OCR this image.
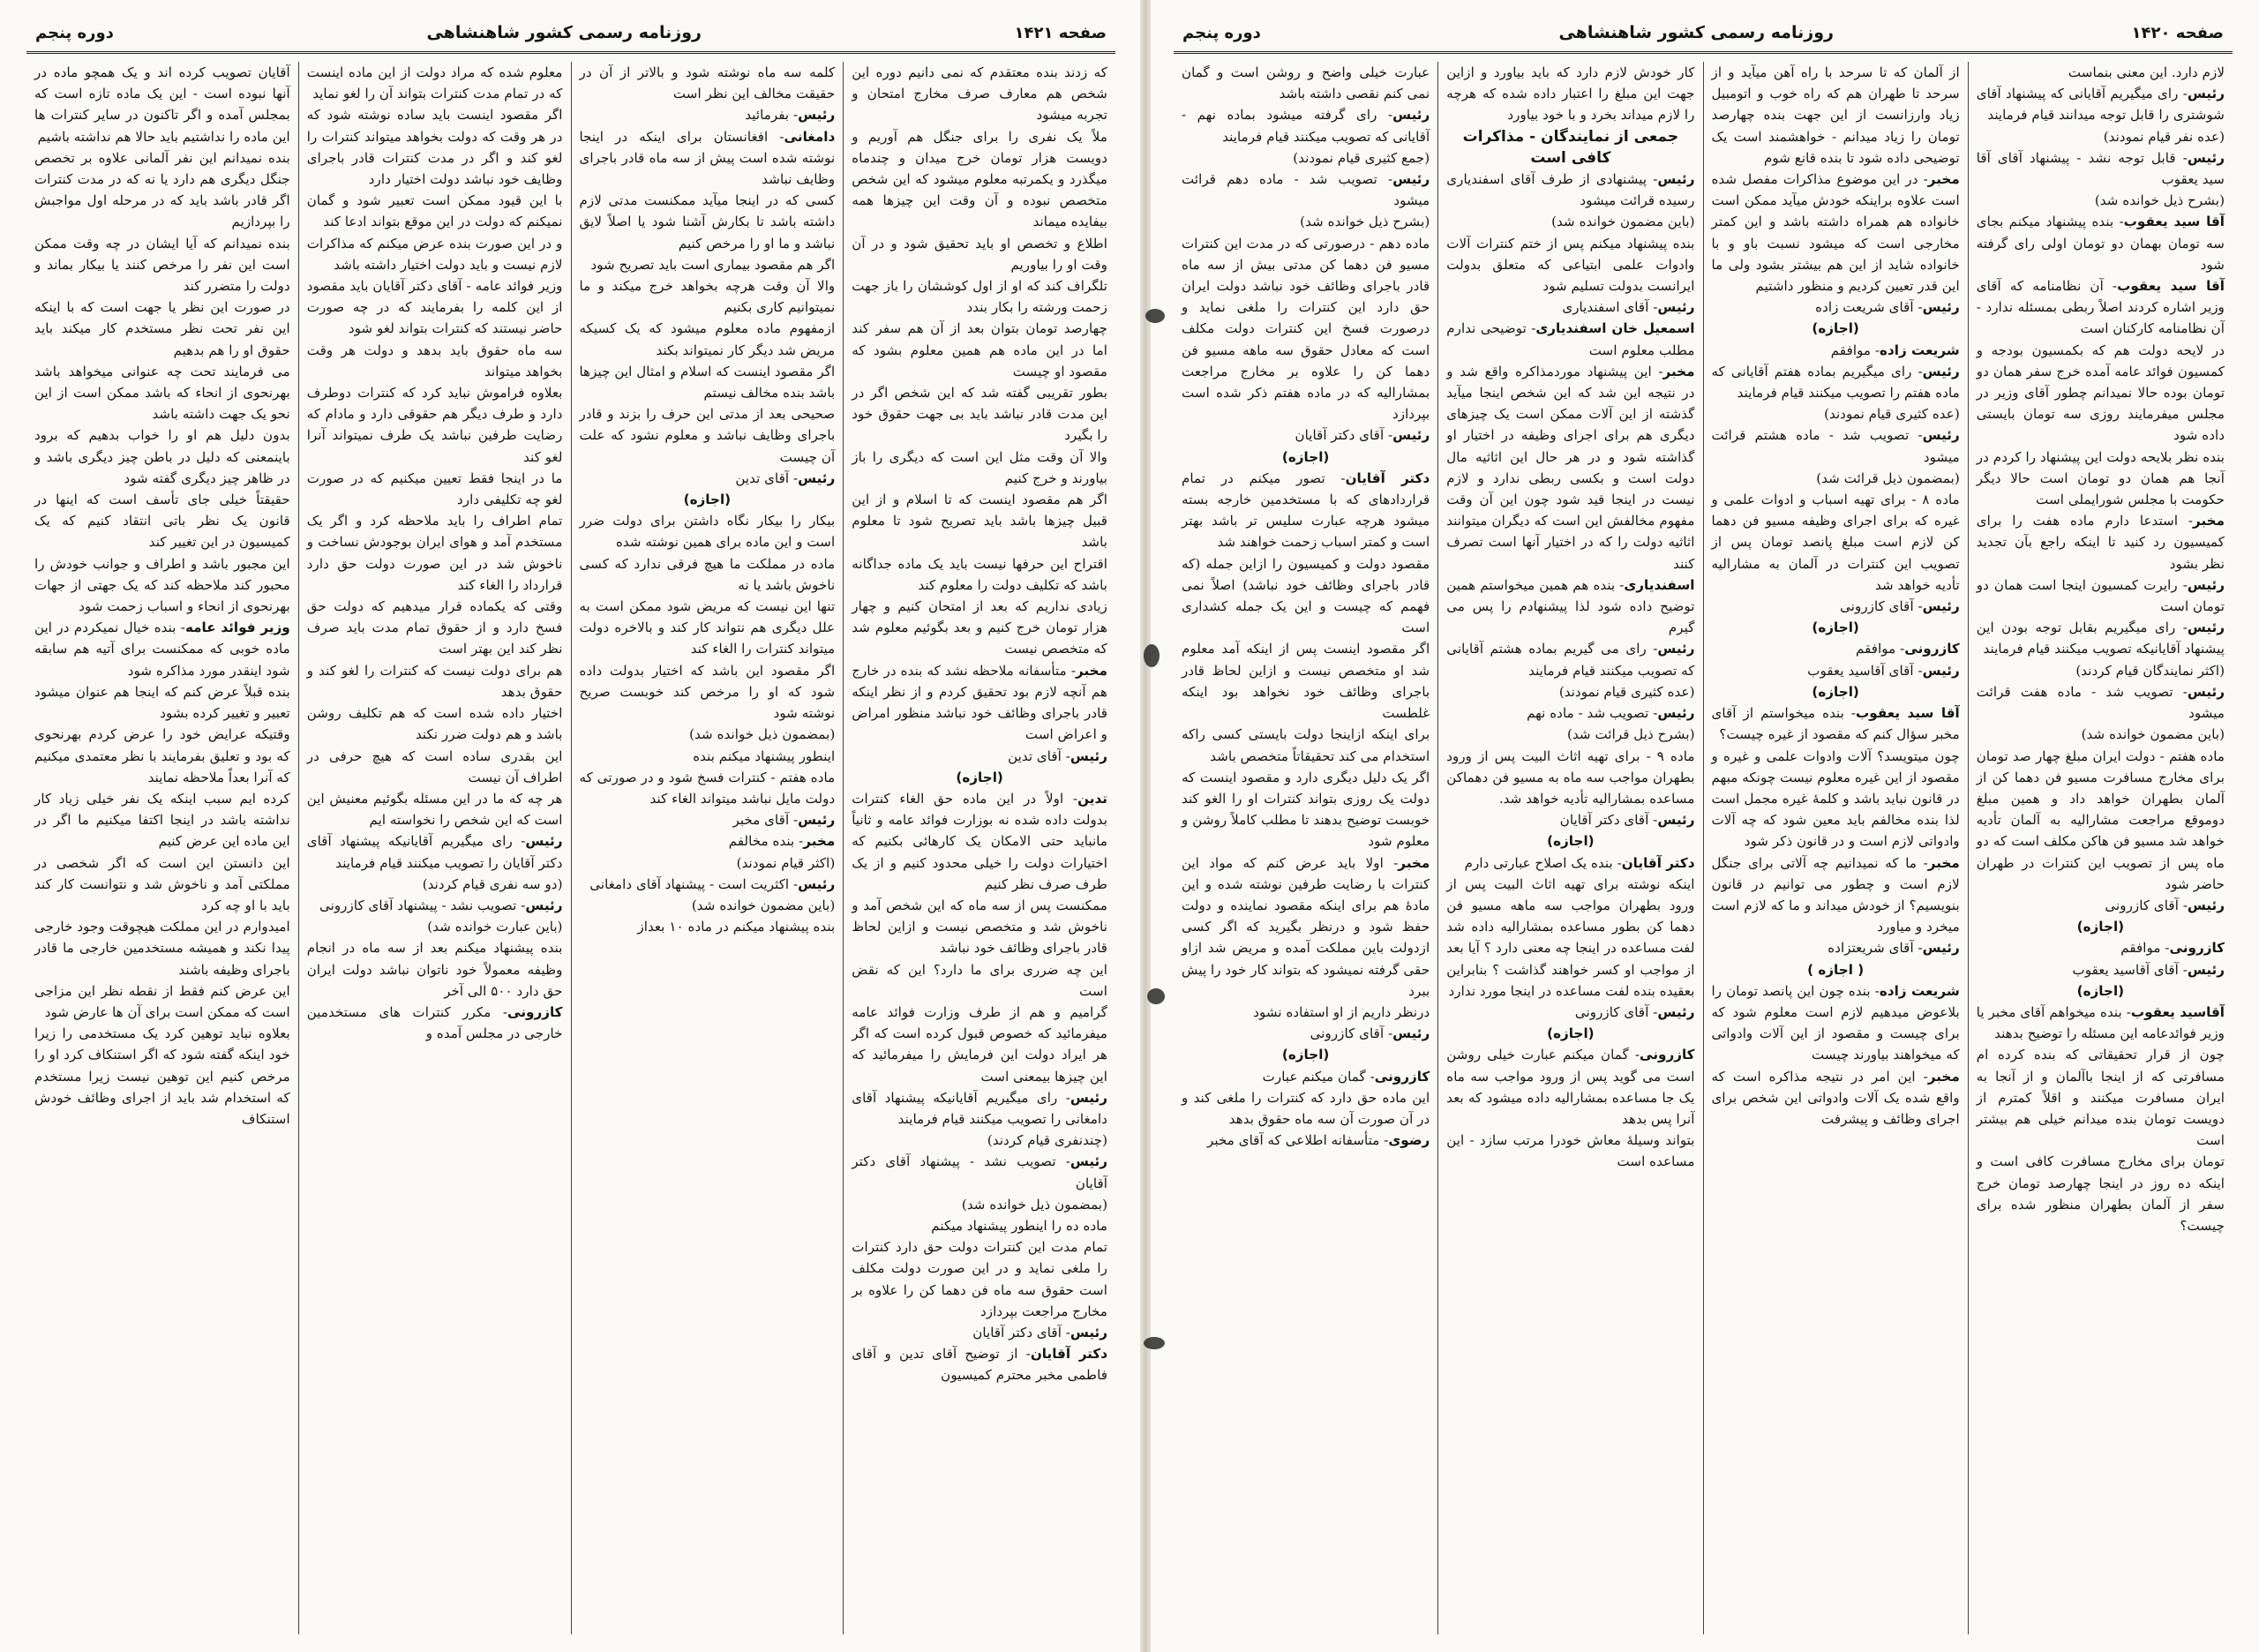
صفحه ۱۴۲۱
روزنامه رسمی کشور شاهنشاهی
دوره پنجم

که زدند بنده معتقدم که نمی دانیم دوره این شخص هم معارف صرف مخارج امتحان و تجربه میشود

ملاً یک نفری را برای جنگل هم آوریم و دویست هزار تومان خرج میدان و چندماه میگذرد و یکمرتبه معلوم میشود که این شخص متخصص نبوده و آن وقت این چیزها همه بیفایده میماند

اطلاع و تخصص او باید تحقیق شود و در آن وقت او را بیاوریم

تلگراف کند که او از اول کوششان را باز جهت زحمت ورشته را بکار بندد

چهارصد تومان بتوان بعد از آن هم سفر کند اما در این ماده هم همین معلوم بشود که مقصود او چیست

بطور تقریبی گفته شد که این شخص اگر در این مدت قادر نباشد باید بی جهت حقوق خود را بگیرد

والا آن وقت مثل این است که دیگری را باز بیاورند و خرج کنیم

اگر هم مقصود اینست که تا اسلام و از این قبیل چیزها باشد باید تصریح شود تا معلوم باشد

اقتراح این حرفها نیست باید یک ماده جداگانه باشد که تکلیف دولت را معلوم کند

زیادی نداریم که بعد از امتحان کنیم و چهار هزار تومان خرج کنیم و بعد بگوئیم معلوم شد که متخصص نیست

مخبر- متأسفانه ملاحظه نشد که بنده در خارج هم آنچه لازم بود تحقیق کردم و از نظر اینکه قادر باجرای وظائف خود نباشد منظور امراض و اعراض است

رئیس- آقای تدین

(اجازه)

تدین- اولاً در این ماده حق الغاء کنترات بدولت داده شده نه بوزارت فوائد عامه و ثانیاً مانباید حتی الامکان یک کارهائی بکنیم که اختیارات دولت را خیلی محدود کنیم و از یک طرف صرف نظر کنیم

ممکنست پس از سه ماه که این شخص آمد و ناخوش شد و متخصص نیست و ازاین لحاظ قادر باجرای وظائف خود نباشد

این چه ضرری برای ما دارد؟ این که نقض است

گرامیم و هم از طرف وزارت فوائد عامه میفرمائید که خصوص قبول کرده است که اگر هر ایراد دولت این فرمایش را میفرمائید که این چیزها بیمعنی است

رئیس- رای میگیریم آقایانیکه پیشنهاد آقای دامغانی را تصویب میکنند قیام فرمایند

(چندنفری قیام کردند)

رئیس- تصویب نشد - پیشنهاد آقای دکتر آقایان

(بمضمون ذیل خوانده شد)

ماده ده را اینطور پیشنهاد میکنم

تمام مدت این کنترات دولت حق دارد کنترات را ملغی نماید و در این صورت دولت مکلف است حقوق سه ماه فن دهما کن را علاوه بر مخارج مراجعت بپردازد

رئیس- آقای دکتر آقایان

دکتر آقایان- از توضیح آقای تدین و آقای فاطمی مخبر محترم کمیسیون

کلمه سه ماه نوشته شود و بالاتر از آن در حقیقت مخالف این نظر است

رئیس- بفرمائید

دامغانی- افغانستان برای اینکه در اینجا نوشته شده است پیش از سه ماه قادر باجرای وظایف نباشد

کسی که در اینجا میآید ممکنست مدتی لازم داشته باشد تا بکارش آشنا شود یا اصلاً لایق نباشد و ما او را مرخص کنیم

اگر هم مقصود بیماری است باید تصریح شود

والا آن وقت هرچه بخواهد خرج میکند و ما نمیتوانیم کاری بکنیم

ازمفهوم ماده معلوم میشود که یک کسیکه مریض شد دیگر کار نمیتواند بکند

اگر مقصود اینست که اسلام و امثال این چیزها باشد بنده مخالف نیستم

صحیحی بعد از مدتی این حرف را بزند و قادر باجرای وظایف نباشد و معلوم نشود که علت آن چیست

رئیس- آقای تدین

(اجازه)

بیکار را بیکار نگاه داشتن برای دولت ضرر است و این ماده برای همین نوشته شده

ماده در مملکت ما هیچ فرقی ندارد که کسی ناخوش باشد یا نه

تنها این نیست که مریض شود ممکن است به علل دیگری هم نتواند کار کند و بالاخره دولت میتواند کنترات را الغاء کند

اگر مقصود این باشد که اختیار بدولت داده شود که او را مرخص کند خوبست صریح نوشته شود

(بمضمون ذیل خوانده شد)

اینطور پیشنهاد میکنم بنده

ماده هفتم - کنترات فسخ شود و در صورتی که دولت مایل نباشد میتواند الغاء کند

رئیس- آقای مخبر

مخبر- بنده مخالفم

(اکثر قیام نمودند)

رئیس- اکثریت است - پیشنهاد آقای دامغانی

(باین مضمون خوانده شد)

بنده پیشنهاد میکنم در ماده ۱۰ بعداز

معلوم شده که مراد دولت از این ماده اینست که در تمام مدت کنترات بتواند آن را لغو نماید

اگر مقصود اینست باید ساده نوشته شود که در هر وقت که دولت بخواهد میتواند کنترات را لغو کند و اگر در مدت کنترات قادر باجرای وظایف خود نباشد دولت اختیار دارد

با این قیود ممکن است تعبیر شود و گمان نمیکنم که دولت در این موقع بتواند ادعا کند

و در این صورت بنده عرض میکنم که مذاکرات لازم نیست و باید دولت اختیار داشته باشد

وزیر فوائد عامه - آقای دکتر آقایان باید مقصود از این کلمه را بفرمایند که در چه صورت حاضر نیستند که کنترات بتواند لغو شود

سه ماه حقوق باید بدهد و دولت هر وقت بخواهد میتواند

بعلاوه فراموش نباید کرد که کنترات دوطرف دارد و طرف دیگر هم حقوقی دارد و مادام که رضایت طرفین نباشد یک طرف نمیتواند آنرا لغو کند

ما در اینجا فقط تعیین میکنیم که در صورت لغو چه تکلیفی دارد

تمام اطراف را باید ملاحظه کرد و اگر یک مستخدم آمد و هوای ایران بوجودش نساخت و ناخوش شد در این صورت دولت حق دارد قرارداد را الغاء کند

وقتی که یکماده قرار میدهیم که دولت حق فسخ دارد و از حقوق تمام مدت باید صرف نظر کند این بهتر است

هم برای دولت نیست که کنترات را لغو کند و حقوق بدهد

اختیار داده شده است که هم تکلیف روشن باشد و هم دولت ضرر نکند

این بقدری ساده است که هیچ حرفی در اطراف آن نیست

هر چه که ما در این مسئله بگوئیم معنیش این است که این شخص را نخواسته ایم

رئیس- رای میگیریم آقایانیکه پیشنهاد آقای دکتر آقایان را تصویب میکنند قیام فرمایند

(دو سه نفری قیام کردند)

رئیس- تصویب نشد - پیشنهاد آقای کازرونی

(باین عبارت خوانده شد)

بنده پیشنهاد میکنم بعد از سه ماه در انجام وظیفه معمولاً خود ناتوان نباشد دولت ایران حق دارد ۵۰۰ الی آخر

کازرونی- مکرر کنترات های مستخدمین خارجی در مجلس آمده و

آقایان تصویب کرده اند و یک همچو ماده در آنها نبوده است - این یک ماده تازه است که بمجلس آمده و اگر تاکنون در سایر کنترات ها این ماده را نداشتیم باید حالا هم نداشته باشیم

بنده نمیدانم این نفر آلمانی علاوه بر تخصص جنگل دیگری هم دارد یا نه که در مدت کنترات اگر قادر باشد باید که در مرحله اول مواجبش را بپردازیم

بنده نمیدانم که آیا ایشان در چه وقت ممکن است این نفر را مرخص کنند یا بیکار بماند و دولت را متضرر کند

در صورت این نظر یا جهت است که با اینکه این نفر تحت نظر مستخدم کار میکند باید حقوق او را هم بدهیم

می فرمایند تحت چه عنوانی میخواهد باشد بهرنحوی از انحاء که باشد ممکن است از این نحو یک جهت داشته باشد

بدون دلیل هم او را خواب بدهیم که برود باینمعنی که دلیل در باطن چیز دیگری باشد و در ظاهر چیز دیگری گفته شود

حقیقتاً خیلی جای تأسف است که اینها در قانون یک نظر باتی انتقاد کنیم که یک کمیسیون در این تغییر کند

این مجبور باشد و اطراف و جوانب خودش را محبور کند ملاحظه کند که یک جهتی از جهات بهرنحوی از انحاء و اسباب زحمت شود

وزیر فوائد عامه- بنده خیال نمیکردم در این ماده خوبی که ممکنست برای آتیه هم سابقه شود اینقدر مورد مذاکره شود

بنده قبلاً عرض کنم که اینجا هم عنوان میشود تعبیر و تغییر کرده بشود

وقتیکه عرایض خود را عرض کردم بهرنحوی که بود و تعلیق بفرمایند با نظر معتمدی میکنیم که آنرا بعداً ملاحظه نمایند

کرده ایم سبب اینکه یک نفر خیلی زیاد کار نداشته باشد در اینجا اکتفا میکنیم ما اگر در این ماده این عرض کنیم

این دانستن این است که اگر شخصی در مملکتی آمد و ناخوش شد و نتوانست کار کند باید با او چه کرد

امیدوارم در این مملکت هیچوقت وجود خارجی پیدا نکند و همیشه مستخدمین خارجی ما قادر باجرای وظیفه باشند

این عرض کنم فقط از نقطه نظر این مزاجی است که ممکن است برای آن ها عارض شود

بعلاوه نباید توهین کرد یک مستخدمی را زیرا خود اینکه گفته شود که اگر استنکاف کرد او را مرخص کنیم این توهین نیست زیرا مستخدم که استخدام شد باید از اجرای وظائف خودش استنکاف

صفحه ۱۴۲۰
روزنامه رسمی کشور شاهنشاهی
دوره پنجم

لازم دارد. این معنی بنماست

رئیس- رای میگیریم آقایانی که پیشنهاد آقای شوشتری را قابل توجه میدانند قیام فرمایند

(عده نفر قیام نمودند)

رئیس- قابل توجه نشد - پیشنهاد آقای آقا سید یعقوب

(بشرح ذیل خوانده شد)

آقا سید یعقوب- بنده پیشنهاد میکنم بجای سه تومان بهمان دو تومان اولی رای گرفته شود

آقا سید یعقوب- آن نظامنامه که آقای وزیر اشاره کردند اصلاً ربطی بمسئله ندارد - آن نظامنامه کارکنان است

در لایحه دولت هم که بکمسیون بودجه و کمسیون فوائد عامه آمده خرج سفر همان دو تومان بوده حالا نمیدانم چطور آقای وزیر در مجلس میفرمایند روزی سه تومان بایستی داده شود

بنده نظر بلایحه دولت این پیشنهاد را کردم در آنجا هم همان دو تومان است حالا دیگر حکومت با مجلس شورایملی است

مخبر- استدعا دارم ماده هفت را برای کمیسیون رد کنید تا اینکه راجع بآن تجدید نظر بشود

رئیس- رایرت کمسیون اینجا است همان دو تومان است

رئیس- رای میگیریم بقابل توجه بودن این پیشنهاد آقایانیکه تصویب میکنند قیام فرمایند

(اکثر نمایندگان قیام کردند)

رئیس- تصویب شد - ماده هفت قرائت میشود

(باین مضمون خوانده شد)

ماده هفتم - دولت ایران مبلغ چهار صد تومان برای مخارج مسافرت مسیو فن دهما کن از آلمان بطهران خواهد داد و همین مبلغ دوموقع مراجعت مشارالیه به آلمان تأدیه خواهد شد مسیو فن هاکن مکلف است که دو ماه پس از تصویب این کنترات در طهران حاضر شود

رئیس- آقای کازرونی

(اجازه)

کازرونی- موافقم

رئیس- آقای آقاسید یعقوب

(اجازه)

آقاسید یعقوب- بنده میخواهم آقای مخبر یا وزیر فوائدعامه این مسئله را توضیح بدهند

چون از قرار تحقیقاتی که بنده کرده ام مسافرتی که از اینجا باآلمان و از آنجا به ایران مسافرت میکنند و اقلاً کمترم از دویست تومان بنده میدانم خیلی هم بیشتر است

تومان برای مخارج مسافرت کافی است و اینکه ده روز در اینجا چهارصد تومان خرج سفر از آلمان بطهران منظور شده برای چیست؟

از آلمان که تا سرحد با راه آهن میآید و از سرحد تا طهران هم که راه خوب و اتومبیل زیاد وارزانست از این جهت بنده چهارصد تومان را زیاد میدانم - خواهشمند است یک توضیحی داده شود تا بنده قانع شوم

مخبر- در این موضوع مذاکرات مفصل شده است علاوه براینکه خودش میآید ممکن است خانواده هم همراه داشته باشد و این کمتر مخارجی است که میشود نسبت باو و با خانواده شاید از این هم بیشتر بشود ولی ما این قدر تعیین کردیم و منظور داشتیم

رئیس- آقای شریعت زاده

(اجازه)

شریعت زاده- موافقم

رئیس- رای میگیریم بماده هفتم آقایانی که ماده هفتم را تصویب میکنند قیام فرمایند

(عده کثیری قیام نمودند)

رئیس- تصویب شد - ماده هشتم قرائت میشود

(بمضمون ذیل قرائت شد)

ماده ۸ - برای تهیه اسباب و ادوات علمی و غیره که برای اجرای وظیفه مسیو فن دهما کن لازم است مبلغ پانصد تومان پس از تصویب این کنترات در آلمان به مشارالیه تأدیه خواهد شد

رئیس- آقای کازرونی

(اجازه)

کازرونی- موافقم

رئیس- آقای آقاسید یعقوب

(اجازه)

آقا سید یعقوب- بنده میخواستم از آقای مخبر سؤال کنم که مقصود از غیره چیست؟

چون میتویسد؟ آلات وادوات علمی و غیره و مقصود از این غیره معلوم نیست چونکه مبهم در قانون نباید باشد و کلمهٔ غیره مجمل است لذا بنده مخالفم باید معین شود که چه آلات وادواتی لازم است و در قانون ذکر شود

مخبر- ما که نمیدانیم چه آلاتی برای جنگل لازم است و چطور می توانیم در قانون بنویسیم؟ از خودش میداند و ما که لازم است میخرد و میاورد

رئیس- آقای شریعتزاده

( اجازه )

شریعت زاده- بنده چون این پانصد تومان را بلاعوض میدهیم لازم است معلوم شود که برای چیست و مقصود از این آلات وادواتی که میخواهند بیاورند چیست

مخبر- این امر در نتیجه مذاکره است که واقع شده یک آلات وادواتی این شخص برای اجرای وظائف و پیشرفت

کار خودش لازم دارد که باید بیاورد و ازاین جهت این مبلغ را اعتبار داده شده که هرچه را لازم میداند بخرد و با خود بیاورد

جمعی از نمایندگان - مذاکرات کافی است

رئیس- پیشنهادی از طرف آقای اسفندیاری رسیده قرائت میشود

(باین مضمون خوانده شد)

بنده پیشنهاد میکنم پس از ختم کنترات آلات وادوات علمی ابتیاعی که متعلق بدولت ایرانست بدولت تسلیم شود

رئیس- آقای اسفندیاری

اسمعیل خان اسفندیاری- توضیحی ندارم مطلب معلوم است

مخبر- این پیشنهاد موردمذاکره واقع شد و در نتیجه این شد که این شخص اینجا میآید گذشته از این آلات ممکن است یک چیزهای دیگری هم برای اجرای وظیفه در اختیار او گذاشته شود و در هر حال این اثاثیه مال دولت است و بکسی ربطی ندارد و لازم نیست در اینجا قید شود چون این آن وقت مفهوم مخالفش این است که دیگران میتوانند اثاثیه دولت را که در اختیار آنها است تصرف کنند

اسفندیاری- بنده هم همین میخواستم همین توضیح داده شود لذا پیشنهادم را پس می گیرم

رئیس- رای می گیریم بماده هشتم آقایانی که تصویب میکنند قیام فرمایند

(عده کثیری قیام نمودند)

رئیس- تصویب شد - ماده نهم

(بشرح ذیل قرائت شد)

ماده ۹ - برای تهیه اثاث البیت پس از ورود بطهران مواجب سه ماه به مسیو فن دهماکن مساعده بمشارالیه تأدیه خواهد شد.

رئیس- آقای دکتر آقایان

(اجازه)

دکتر آقایان- بنده یک اصلاح عبارتی دارم

اینکه نوشته برای تهیه اثاث البیت پس از ورود بطهران مواجب سه ماهه مسیو فن دهما کن بطور مساعده بمشارالیه داده شد لفت مساعده در اینجا چه معنی دارد ؟ آیا بعد از مواجب او کسر خواهند گذاشت ؟ بنابراین بعقیده بنده لفت مساعده در اینجا مورد ندارد

رئیس- آقای کازرونی

(اجازه)

کازرونی- گمان میکنم عبارت خیلی روشن است می گوید پس از ورود مواجب سه ماه یک جا مساعده بمشارالیه داده میشود که بعد آنرا پس بدهد

بتواند وسیلهٔ معاش خودرا مرتب سازد - این مساعده است

عبارت خیلی واضح و روشن است و گمان نمی کنم نقصی داشته باشد

رئیس- رای گرفته میشود بماده نهم - آقایانی که تصویب میکنند قیام فرمایند

(جمع کثیری قیام نمودند)

رئیس- تصویب شد - ماده دهم قرائت میشود

(بشرح ذیل خوانده شد)

ماده دهم - درصورتی که در مدت این کنترات مسیو فن دهما کن مدتی بیش از سه ماه قادر باجرای وظائف خود نباشد دولت ایران حق دارد این کنترات را ملغی نماید و درصورت فسخ این کنترات دولت مکلف است که معادل حقوق سه ماهه مسیو فن دهما کن را علاوه بر مخارج مراجعت بمشارالیه که در ماده هفتم ذکر شده است بپردازد

رئیس- آقای دکتر آقایان

(اجازه)

دکتر آقایان- تصور میکنم در تمام قراردادهای که با مستخدمین خارجه بسته میشود هرچه عبارت سلیس تر باشد بهتر است و کمتر اسباب زحمت خواهند شد

مقصود دولت و کمیسیون را ازاین جمله (که قادر باجرای وظائف خود نباشد) اصلاً نمی فهمم که چیست و این یک جمله کشداری است

اگر مقصود اینست پس از اینکه آمد معلوم شد او متخصص نیست و ازاین لحاظ قادر باجرای وظائف خود نخواهد بود اینکه غلطست

برای اینکه ازاینجا دولت بایستی کسی راکه استخدام می کند تحقیقاتاً متخصص باشد

اگر یک دلیل دیگری دارد و مقصود اینست که دولت یک روزی بتواند کنترات او را الغو کند خوبست توضیح بدهند تا مطلب کاملاً روشن و معلوم شود

مخبر- اولا باید عرض کنم که مواد این کنترات با رضایت طرفین نوشته شده و این مادهٔ هم برای اینکه مقصود نماینده و دولت حفظ شود و درنظر بگیرید که اگر کسی ازدولت باین مملکت آمده و مریض شد ازاو حقی گرفته نمیشود که بتواند کار خود را پیش ببرد

درنظر داریم از او استفاده نشود

رئیس- آقای کازرونی

(اجازه)

کازرونی- گمان میکنم عبارت

این ماده حق دارد که کنترات را ملغی کند و در آن صورت آن سه ماه حقوق بدهد

رضوی- متأسفانه اطلاعی که آقای مخبر
